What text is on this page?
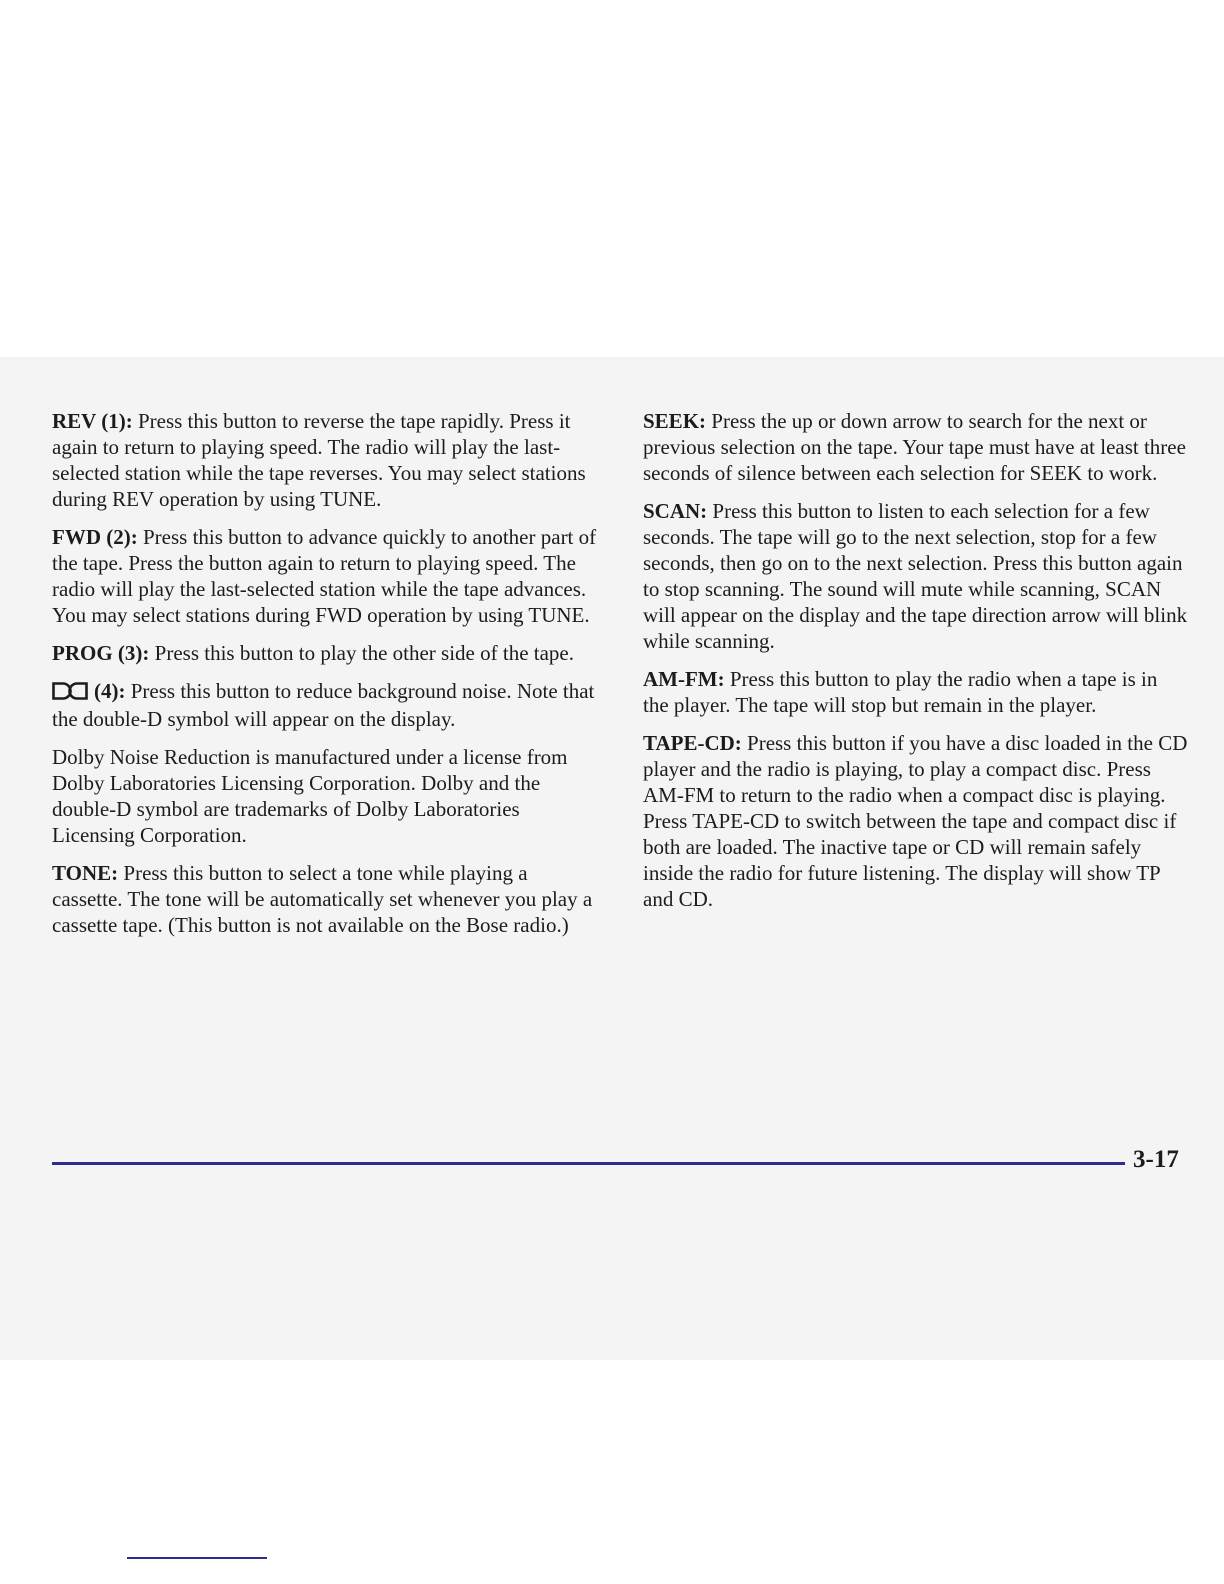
REV (1): Press this button to reverse the tape rapidly. Press it again to return to playing speed. The radio will play the last-selected station while the tape reverses. You may select stations during REV operation by using TUNE.

FWD (2): Press this button to advance quickly to another part of the tape. Press the button again to return to playing speed. The radio will play the last-selected station while the tape advances. You may select stations during FWD operation by using TUNE.

PROG (3): Press this button to play the other side of the tape.

(4): Press this button to reduce background noise. Note that the double-D symbol will appear on the display.

Dolby Noise Reduction is manufactured under a license from Dolby Laboratories Licensing Corporation. Dolby and the double-D symbol are trademarks of Dolby Laboratories Licensing Corporation.

TONE: Press this button to select a tone while playing a cassette. The tone will be automatically set whenever you play a cassette tape. (This button is not available on the Bose radio.)

SEEK: Press the up or down arrow to search for the next or previous selection on the tape. Your tape must have at least three seconds of silence between each selection for SEEK to work.

SCAN: Press this button to listen to each selection for a few seconds. The tape will go to the next selection, stop for a few seconds, then go on to the next selection. Press this button again to stop scanning. The sound will mute while scanning, SCAN will appear on the display and the tape direction arrow will blink while scanning.

AM-FM: Press this button to play the radio when a tape is in the player. The tape will stop but remain in the player.

TAPE-CD: Press this button if you have a disc loaded in the CD player and the radio is playing, to play a compact disc. Press AM-FM to return to the radio when a compact disc is playing. Press TAPE-CD to switch between the tape and compact disc if both are loaded. The inactive tape or CD will remain safely inside the radio for future listening. The display will show TP and CD.

3-17
